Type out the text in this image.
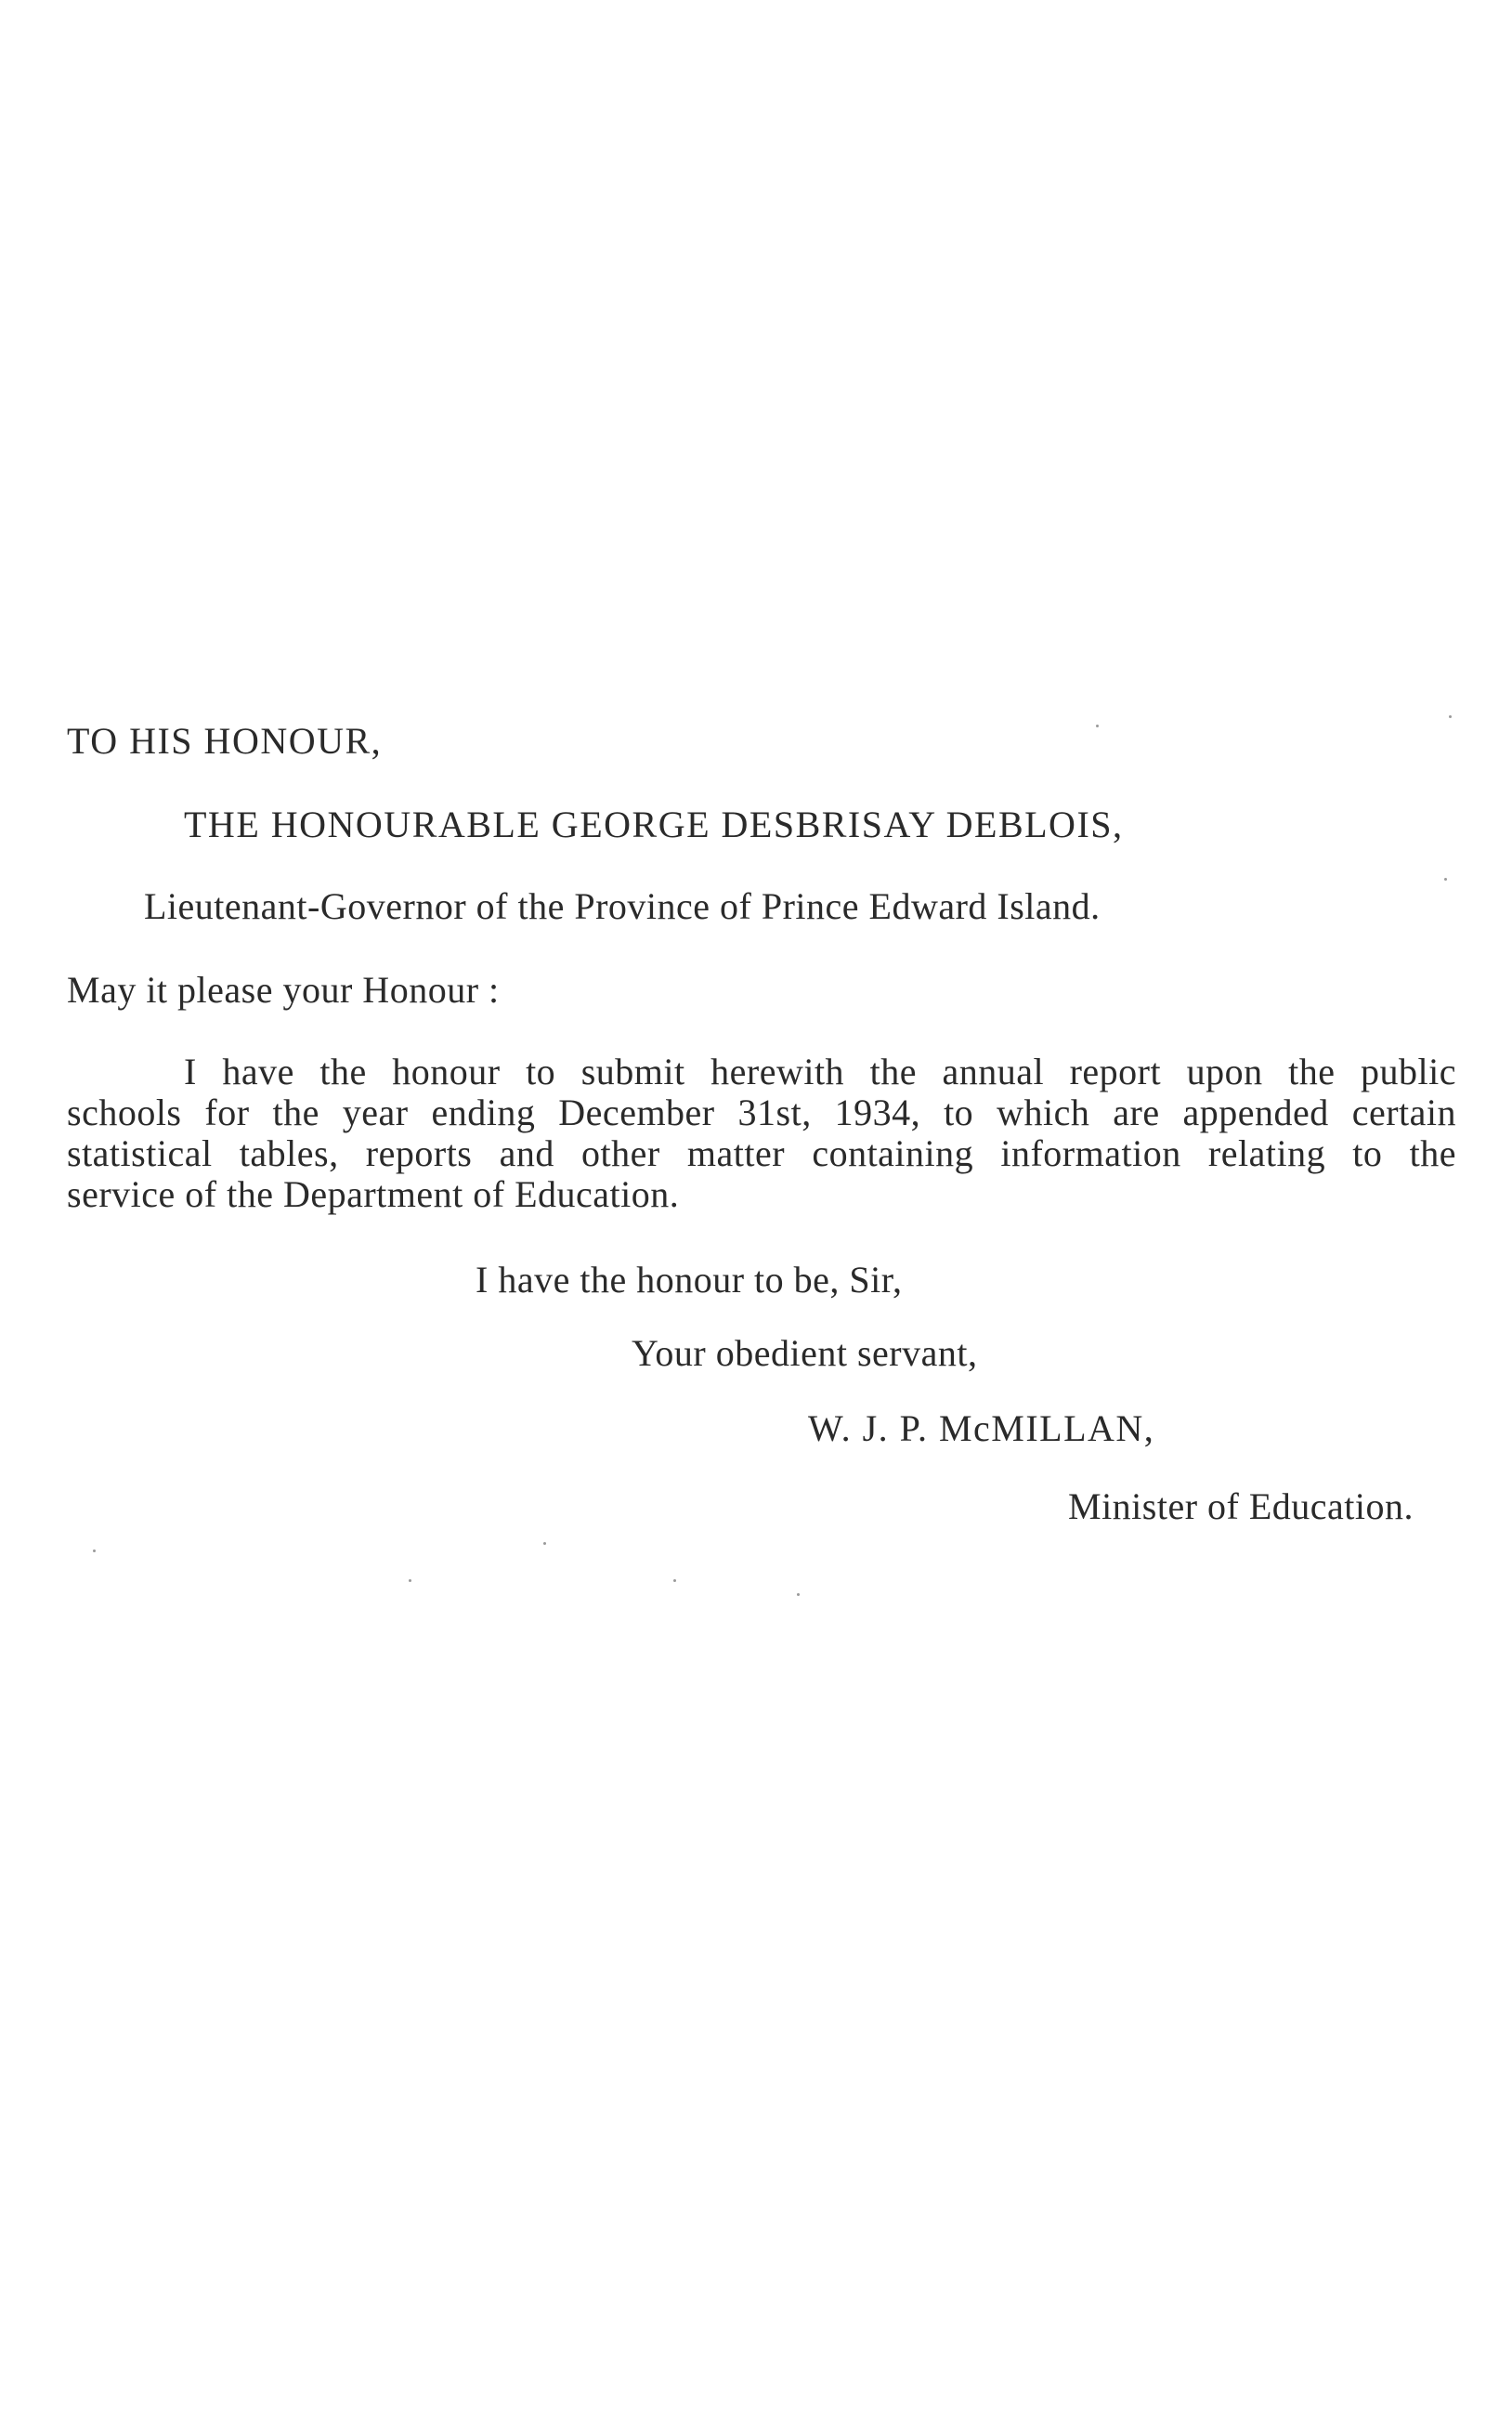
TO HIS HONOUR,
THE HONOURABLE GEORGE DESBRISAY DEBLOIS,
Lieutenant-Governor of the Province of Prince Edward Island.
May it please your Honour :
I have the honour to submit herewith the annual report upon the public
schools for the year ending December 31st, 1934, to which are appended certain
statistical tables, reports and other matter containing information relating to the
service of the Department of Education.
I have the honour to be, Sir,
Your obedient servant,
W. J. P. McMILLAN,
Minister of Education.
